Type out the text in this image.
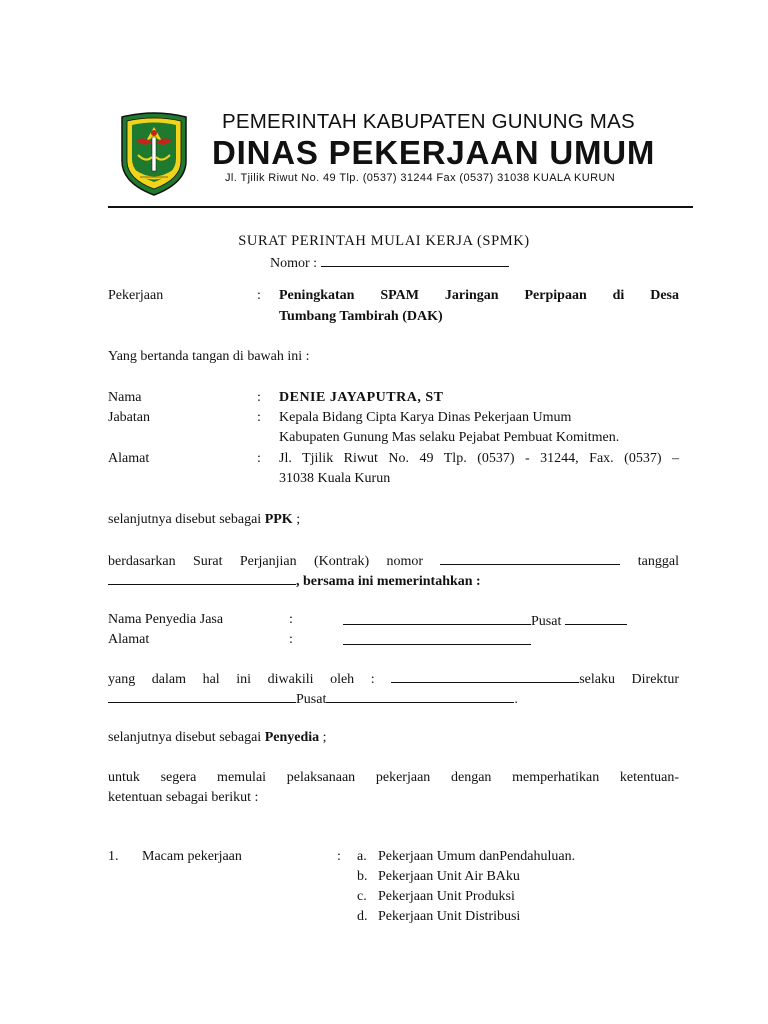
PEMERINTAH KABUPATEN GUNUNG MAS
DINAS PEKERJAAN UMUM
Jl. Tjilik Riwut No. 49 Tlp. (0537) 31244 Fax (0537) 31038 KUALA KURUN
SURAT PERINTAH MULAI KERJA (SPMK)
Nomor :
Pekerjaan	: Peningkatan SPAM Jaringan Perpipaan di Desa
Tumbang Tambirah (DAK)
Yang bertanda tangan di bawah ini :
Nama	: DENIE JAYAPUTRA, ST
Jabatan	: Kepala Bidang Cipta Karya Dinas Pekerjaan Umum
Kabupaten Gunung Mas selaku Pejabat Pembuat Komitmen.
Alamat	: Jl. Tjilik Riwut No. 49 Tlp. (0537) - 31244, Fax. (0537) –
31038 Kuala Kurun
selanjutnya disebut sebagai PPK ;
berdasarkan Surat Perjanjian (Kontrak) nomor	tanggal
, bersama ini memerintahkan :
Nama Penyedia Jasa	:	Pusat
Alamat	:
yang dalam hal ini diwakili oleh :	selaku Direktur
Pusat	.
selanjutnya disebut sebagai Penyedia ;
untuk segera memulai pelaksanaan pekerjaan dengan memperhatikan ketentuan-
ketentuan sebagai berikut :
1. Macam pekerjaan	: a. Pekerjaan Umum danPendahuluan.
b. Pekerjaan Unit Air BAku
c. Pekerjaan Unit Produksi
d. Pekerjaan Unit Distribusi
